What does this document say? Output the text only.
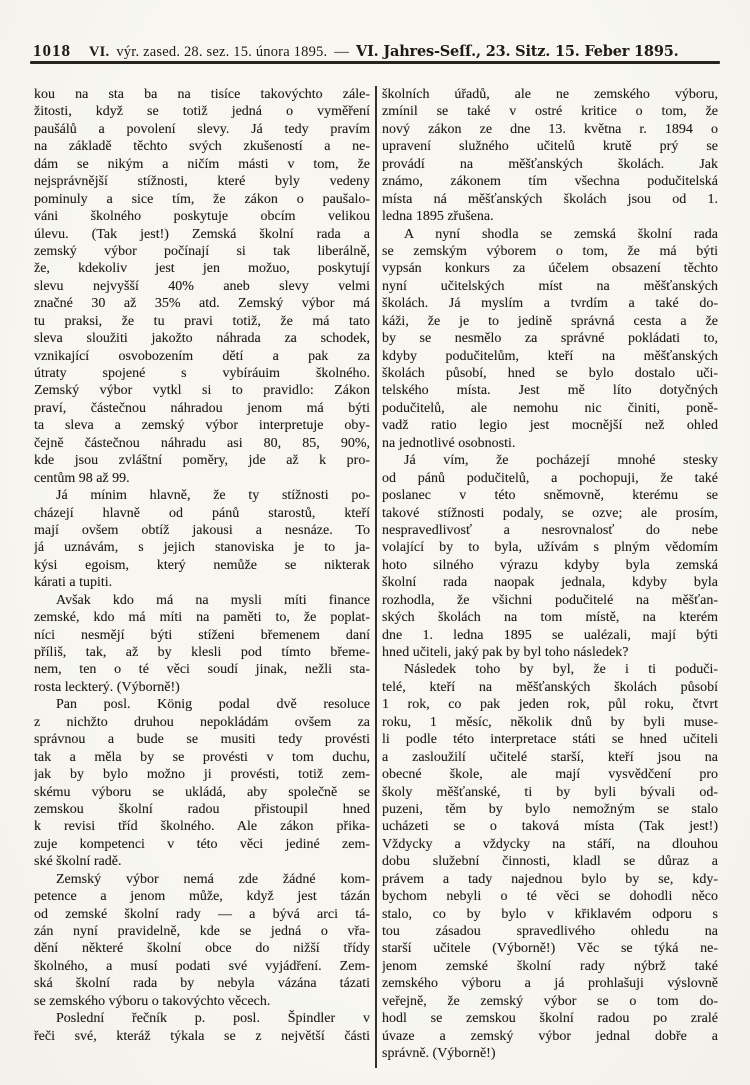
1018 VI. výr. zased. 28. sez. 15. února 1895. — VI. Jahres-Seſſ., 23. Sitz. 15. Feber 1895.
kou na sta ba na tisíce takovýchto zále-
žitosti, když se totiž jedná o vyměření
paušálů a povolení slevy. Já tedy pravím
na základě těchto svých zkušeností a ne-
dám se nikým a ničím másti v tom, že
nejsprávnější stížnosti, které byly vedeny
pominuly a sice tím, že zákon o paušalo-
váni školného poskytuje obcím velikou
úlevu. (Tak jest!) Zemská školní rada a
zemský výbor počínají si tak liberálně,
že, kdekoliv jest jen možuo, poskytují
slevu nejvyšší 40% aneb slevy velmi
značné 30 až 35% atd. Zemský výbor má
tu praksi, že tu pravi totiž, že má tato
sleva sloužiti jakožto náhrada za schodek,
vznikající osvobozením dětí a pak za
útraty spojené s vybíráuim školného.
Zemský výbor vytkl si to pravidlo: Zákon
praví, částečnou náhradou jenom má býti
ta sleva a zemský výbor interpretuje oby-
čejně částečnou náhradu asi 80, 85, 90%,
kde jsou zvláštní poměry, jde až k pro-
centům 98 až 99.
Já mínim hlavně, že ty stížnosti po-
cházejí hlavně od pánů starostů, kteří
mají ovšem obtíž jakousi a nesnáze. To
já uznávám, s jejich stanoviska je to ja-
kýsi egoism, který nemůže se nikterak
kárati a tupiti.
Avšak kdo má na mysli míti finance
zemské, kdo má míti na paměti to, že poplat-
níci nesmějí býti stíženi břemenem daní
příliš, tak, až by klesli pod tímto břeme-
nem, ten o té věci soudí jinak, nežli sta-
rosta leckterý. (Výborně!)
Pan posl. König podal dvě resoluce
z nichžto druhou nepokládám ovšem za
správnou a bude se musiti tedy provésti
tak a měla by se provésti v tom duchu,
jak by bylo možno ji provésti, totiž zem-
skému výboru se ukládá, aby společně se
zemskou školní radou přistoupil hned
k revisi tříd školného. Ale zákon přika-
zuje kompetenci v této věci jediné zem-
ské školní radě.
Zemský výbor nemá zde žádné kom-
petence a jenom může, když jest tázán
od zemské školní rady — a bývá arci tá-
zán nyní pravidelně, kde se jedná o vřa-
dění některé školní obce do nižší třídy
školného, a musí podati své vyjádření. Zem-
ská školní rada by nebyla vázána tázati
se zemského výboru o takovýchto věcech.
Poslední řečník p. posl. Špindler v
řeči své, kteráž týkala se z největší části
školních úřadů, ale ne zemského výboru,
zmínil se také v ostré kritice o tom, že
nový zákon ze dne 13. května r. 1894 o
upravení služného učitelů krutě prý se
provádí na měšťanských školách. Jak
známo, zákonem tím všechna podučitelská
místa ná měšťanských školách jsou od 1.
ledna 1895 zřušena.
A nyní shodla se zemská školní rada
se zemským výborem o tom, že má býti
vypsán konkurs za účelem obsazení těchto
nyní učitelských míst na měšťanských
školách. Já myslím a tvrdím a také do-
káži, že je to jedině správná cesta a že
by se nesmělo za správné pokládati to,
kdyby podučitelům, kteří na měšťanských
školách působí, hned se bylo dostalo uči-
telského místa. Jest mě líto dotyčných
podučitelů, ale nemohu nic činiti, poně-
vadž ratio legio jest mocnější než ohled
na jednotlivé osobnosti.
Já vím, že pocházejí mnohé stesky
od pánů podučitelů, a pochopuji, že také
poslanec v této sněmovně, kterému se
takové stížnosti podaly, se ozve; ale prosím,
nespravedlivosť a nesrovnalosť do nebe
volající by to byla, užívám s plným vědomím
hoto silného výrazu kdyby byla zemská
školní rada naopak jednala, kdyby byla
rozhodla, že všichni podučitelé na měšťan-
ských školách na tom místě, na kterém
dne 1. ledna 1895 se ualézali, mají býti
hned učiteli, jaký pak by byl toho následek?
Následek toho by byl, že i ti poduči-
telé, kteří na měšťanských školách působí
1 rok, co pak jeden rok, půl roku, čtvrt
roku, 1 měsíc, několik dnů by byli muse-
li podle této interpretace státi se hned učiteli
a zasloužilí učitelé starší, kteří jsou na
obecné škole, ale mají vysvědčení pro
školy měšťanské, ti by byli bývali od-
puzeni, těm by bylo nemožným se stalo
ucházeti se o taková místa (Tak jest!)
Vždycky a vždycky na stáří, na dlouhou
dobu služební činnosti, kladl se důraz a
právem a tady najednou bylo by se, kdy-
bychom nebyli o té věci se dohodli něco
stalo, co by bylo v křiklavém odporu s
tou zásadou spravedlivého ohledu na
starší učitele (Výborně!) Věc se týká ne-
jenom zemské školní rady nýbrž také
zemského výboru a já prohlašuji výslovně
veřejně, že zemský výbor se o tom do-
hodl se zemskou školní radou po zralé
úvaze a zemský výbor jednal dobře a
správně. (Výborně!)
